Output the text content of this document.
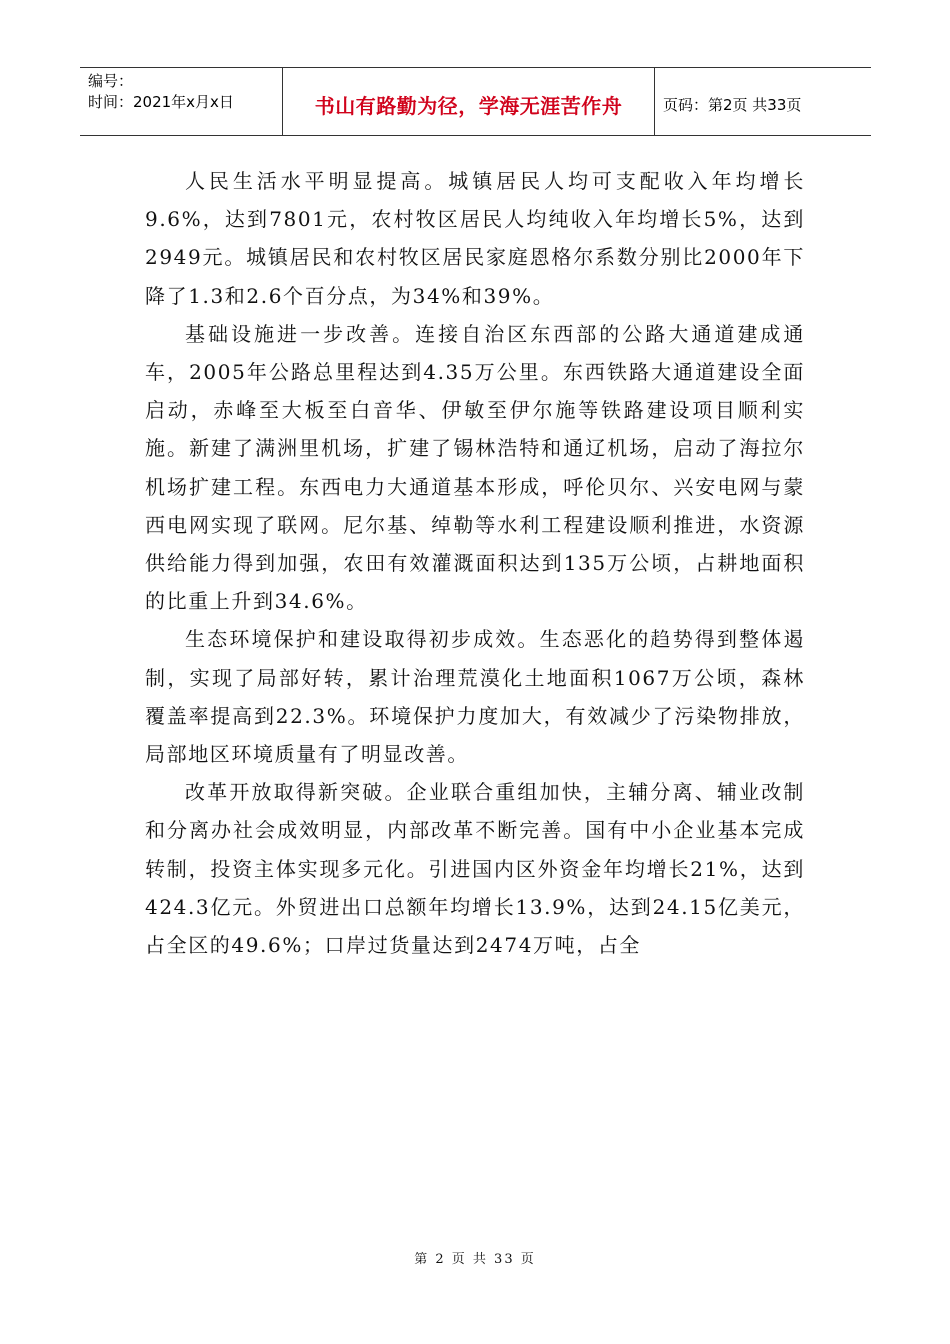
编号：
时间：2021年x月x日	书山有路勤为径，学海无涯苦作舟	页码：第2页 共33页

人民生活水平明显提高。城镇居民人均可支配收入年均增长9.6%，达到7801元，农村牧区居民人均纯收入年均增长5%，达到2949元。城镇居民和农村牧区居民家庭恩格尔系数分别比2000年下降了1.3和2.6个百分点，为34%和39%。

基础设施进一步改善。连接自治区东西部的公路大通道建成通车，2005年公路总里程达到4.35万公里。东西铁路大通道建设全面启动，赤峰至大板至白音华、伊敏至伊尔施等铁路建设项目顺利实施。新建了满洲里机场，扩建了锡林浩特和通辽机场，启动了海拉尔机场扩建工程。东西电力大通道基本形成，呼伦贝尔、兴安电网与蒙西电网实现了联网。尼尔基、绰勒等水利工程建设顺利推进，水资源供给能力得到加强，农田有效灌溉面积达到135万公顷，占耕地面积的比重上升到34.6%。

生态环境保护和建设取得初步成效。生态恶化的趋势得到整体遏制，实现了局部好转，累计治理荒漠化土地面积1067万公顷，森林覆盖率提高到22.3%。环境保护力度加大，有效减少了污染物排放，局部地区环境质量有了明显改善。

改革开放取得新突破。企业联合重组加快，主辅分离、辅业改制和分离办社会成效明显，内部改革不断完善。国有中小企业基本完成转制，投资主体实现多元化。引进国内区外资金年均增长21%，达到424.3亿元。外贸进出口总额年均增长13.9%，达到24.15亿美元，占全区的49.6%；口岸过货量达到2474万吨，占全

第 2 页 共 33 页
